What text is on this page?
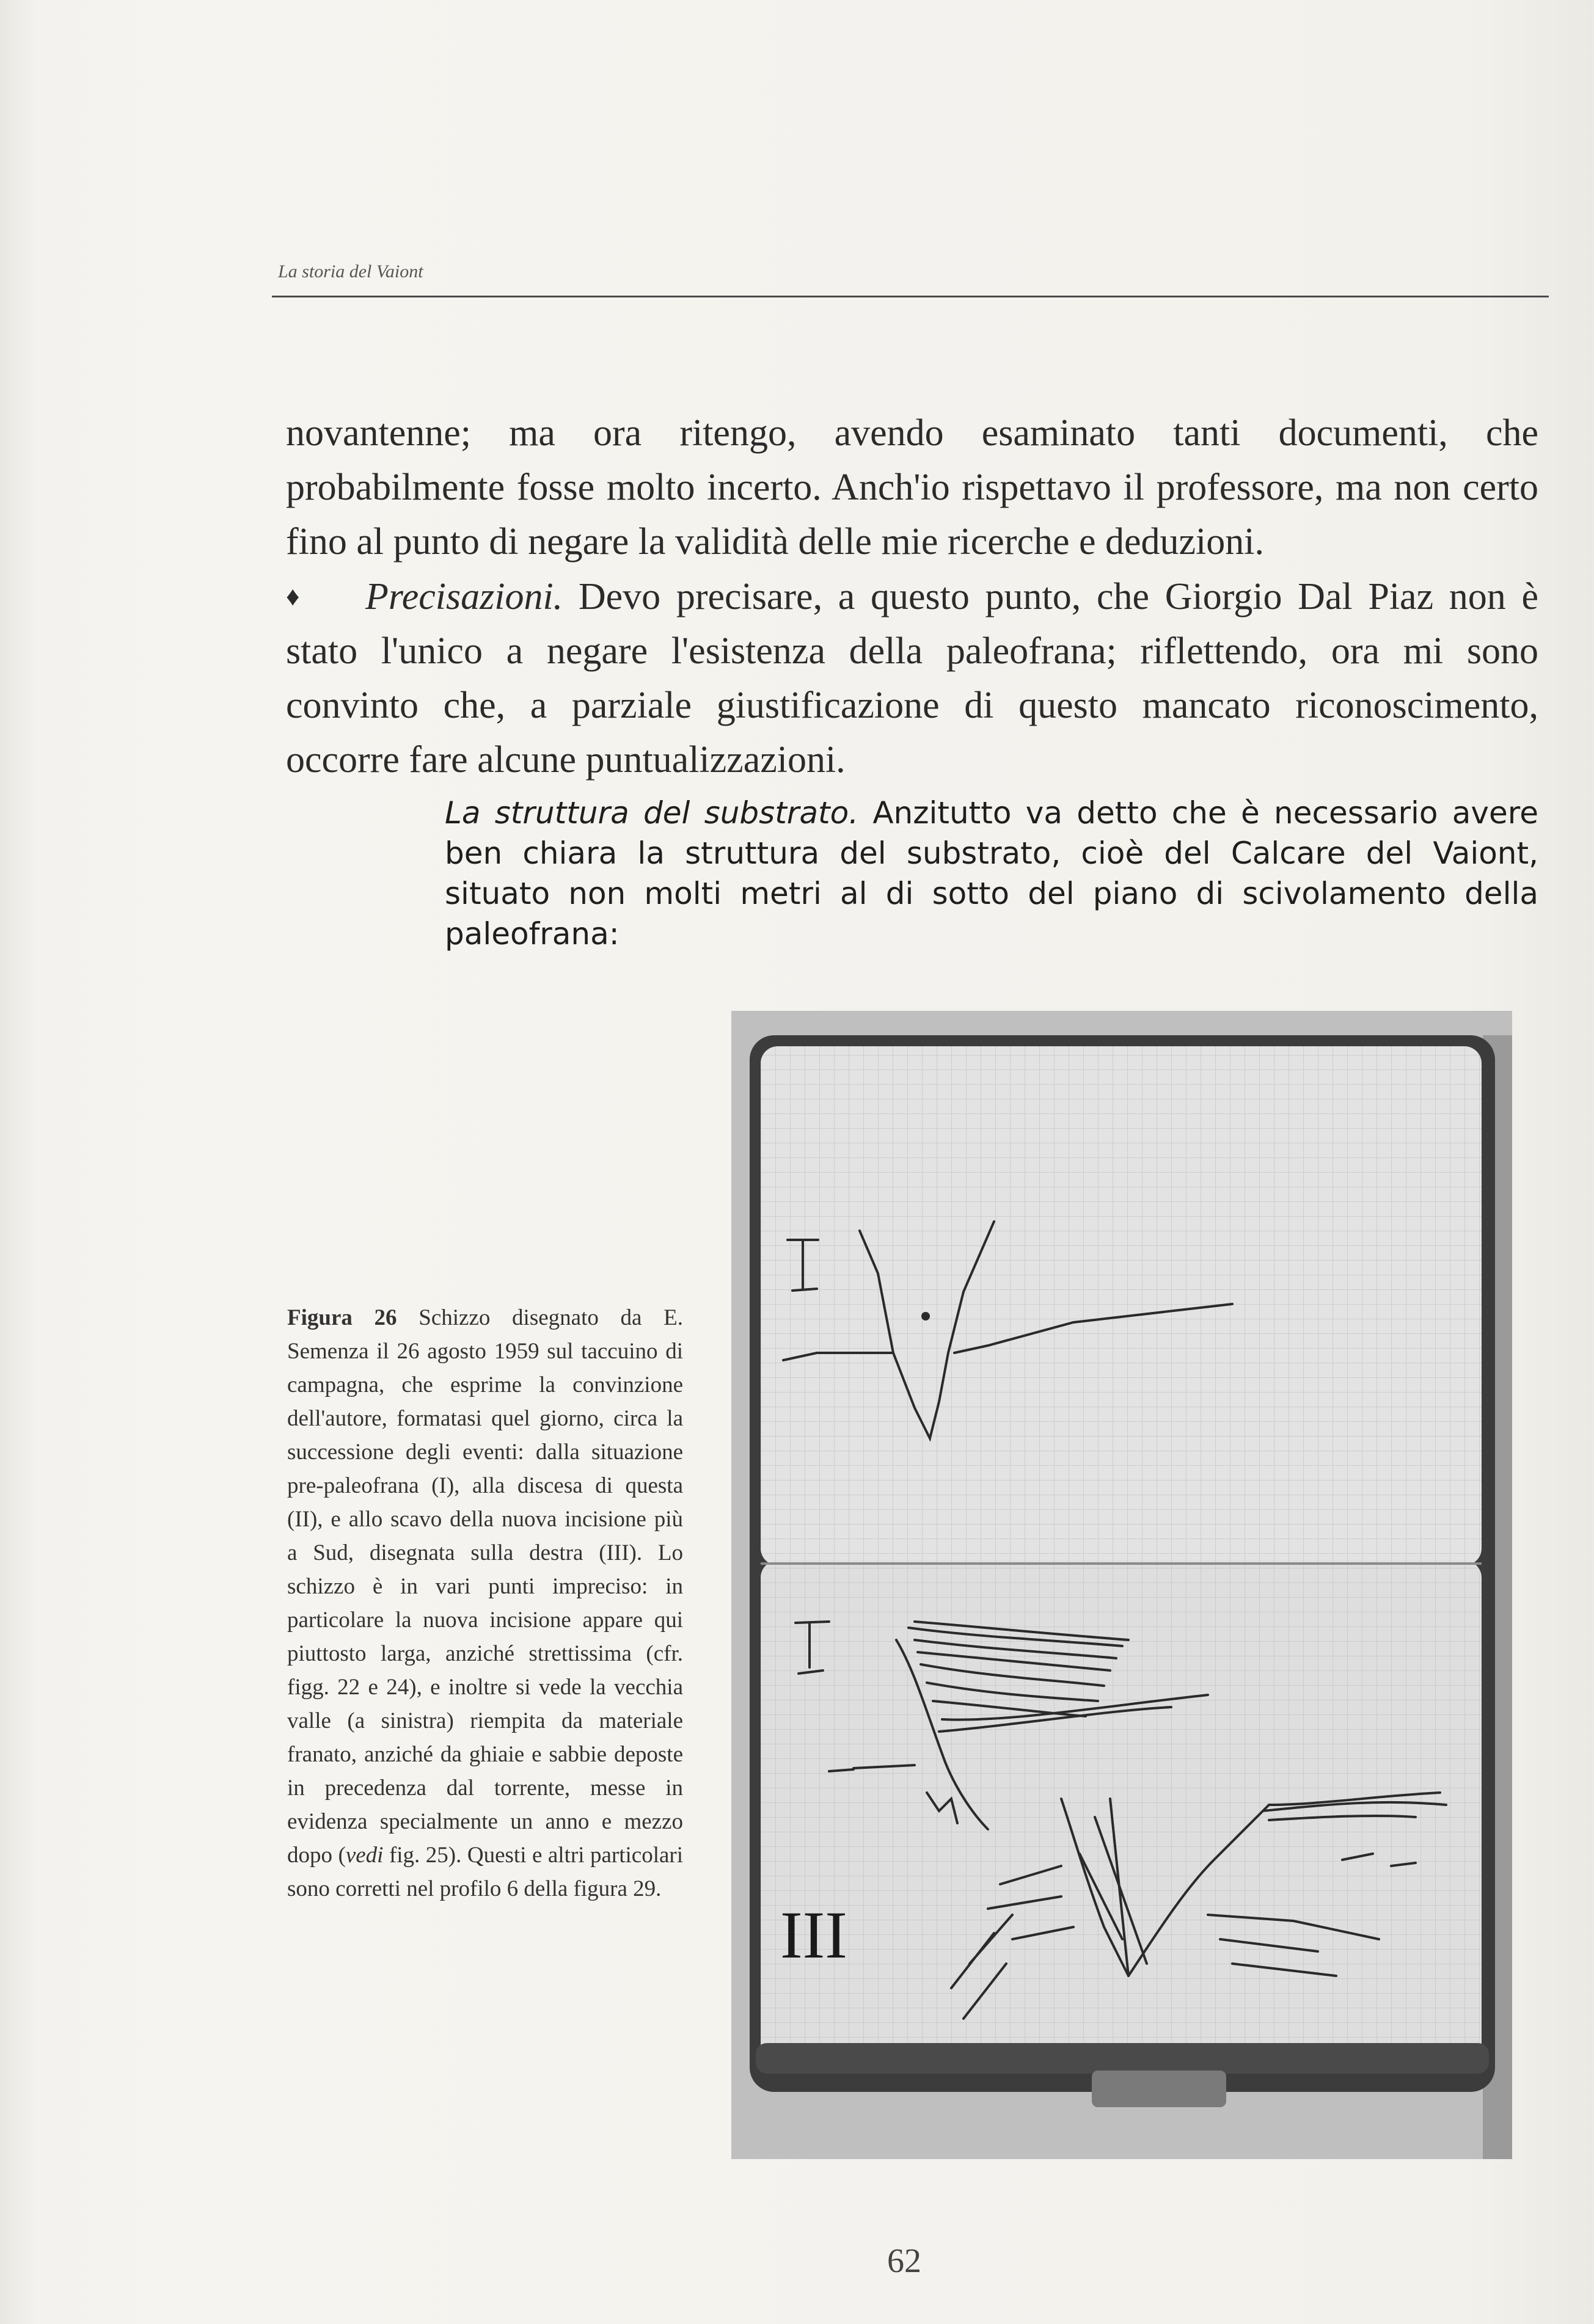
La storia del Vaiont

novantenne; ma ora ritengo, avendo esaminato tanti documenti, che probabilmente fosse molto incerto. Anch'io rispettavo il professore, ma non certo fino al punto di negare la validità delle mie ricerche e deduzioni.

♦ Precisazioni. Devo precisare, a questo punto, che Giorgio Dal Piaz non è stato l'unico a negare l'esistenza della paleofrana; riflettendo, ora mi sono convinto che, a parziale giustificazione di questo mancato riconoscimento, occorre fare alcune puntualizzazioni.

La struttura del substrato. Anzitutto va detto che è necessario avere ben chiara la struttura del substrato, cioè del Calcare del Vaiont, situato non molti metri al di sotto del piano di scivolamento della paleofrana:
Figura 26 Schizzo disegnato da E. Semenza il 26 agosto 1959 sul taccuino di campagna, che esprime la convinzione dell'autore, formatasi quel giorno, circa la successione degli eventi: dalla situazione pre-paleofrana (I), alla discesa di questa (II), e allo scavo della nuova incisione più a Sud, disegnata sulla destra (III). Lo schizzo è in vari punti impreciso: in particolare la nuova incisione appare qui piuttosto larga, anziché strettissima (cfr. figg. 22 e 24), e inoltre si vede la vecchia valle (a sinistra) riempita da materiale franato, anziché da ghiaie e sabbie deposte in precedenza dal torrente, messe in evidenza specialmente un anno e mezzo dopo (vedi fig. 25). Questi e altri particolari sono corretti nel profilo 6 della figura 29.
III
I
II
62
